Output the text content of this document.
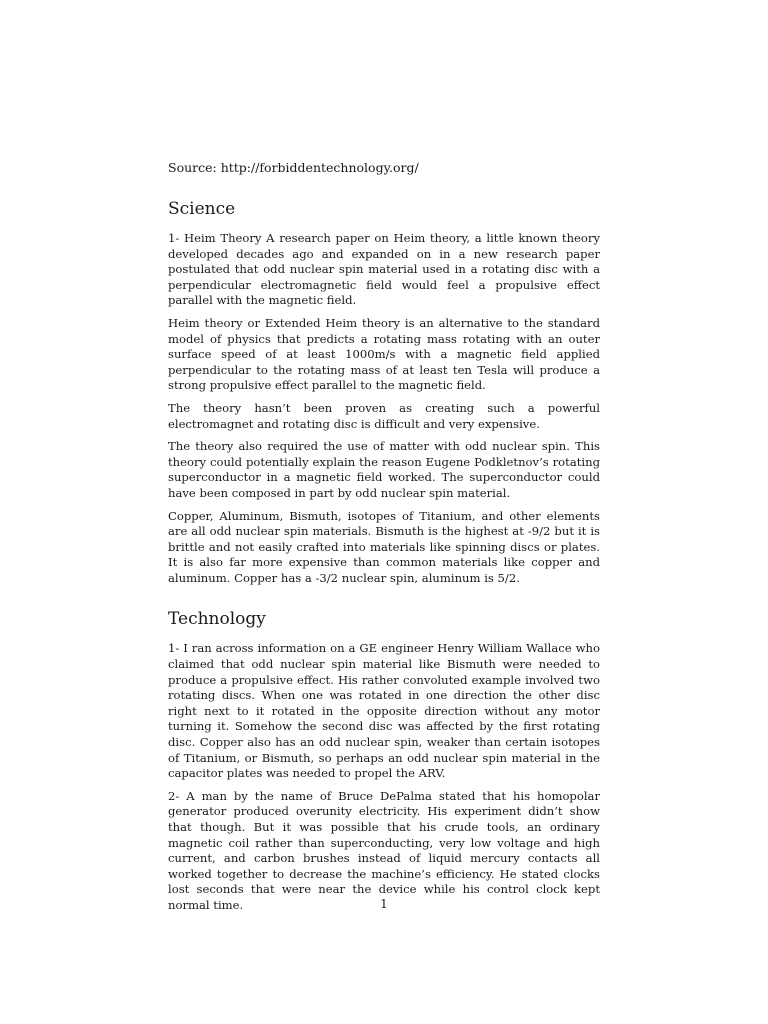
Source: http://forbiddentechnology.org/
Science

1- Heim Theory A research paper on Heim theory, a little known theory developed decades ago and expanded on in a new research paper postulated that odd nuclear spin material used in a rotating disc with a perpendicular electromagnetic field would feel a propulsive effect parallel with the magnetic field.

Heim theory or Extended Heim theory is an alternative to the standard model of physics that predicts a rotating mass rotating with an outer surface speed of at least 1000m/s with a magnetic field applied perpendicular to the rotating mass of at least ten Tesla will produce a strong propulsive effect parallel to the magnetic field.

The theory hasn’t been proven as creating such a powerful electromagnet and rotating disc is difficult and very expensive.

The theory also required the use of matter with odd nuclear spin. This theory could potentially explain the reason Eugene Podkletnov’s rotating superconductor in a magnetic field worked. The superconductor could have been composed in part by odd nuclear spin material.

Copper, Aluminum, Bismuth, isotopes of Titanium, and other elements are all odd nuclear spin materials. Bismuth is the highest at -9/2 but it is brittle and not easily crafted into materials like spinning discs or plates. It is also far more expensive than common materials like copper and aluminum. Copper has a -3/2 nuclear spin, aluminum is 5/2.

Technology

1- I ran across information on a GE engineer Henry William Wallace who claimed that odd nuclear spin material like Bismuth were needed to produce a propulsive effect. His rather convoluted example involved two rotating discs. When one was rotated in one direction the other disc right next to it rotated in the opposite direction without any motor turning it. Somehow the second disc was affected by the first rotating disc. Copper also has an odd nuclear spin, weaker than certain isotopes of Titanium, or Bismuth, so perhaps an odd nuclear spin material in the capacitor plates was needed to propel the ARV.

2- A man by the name of Bruce DePalma stated that his homopolar generator produced overunity electricity. His experiment didn’t show that though. But it was possible that his crude tools, an ordinary magnetic coil rather than superconducting, very low voltage and high current, and carbon brushes instead of liquid mercury contacts all worked together to decrease the machine’s efficiency. He stated clocks lost seconds that were near the device while his control clock kept normal time.	1
